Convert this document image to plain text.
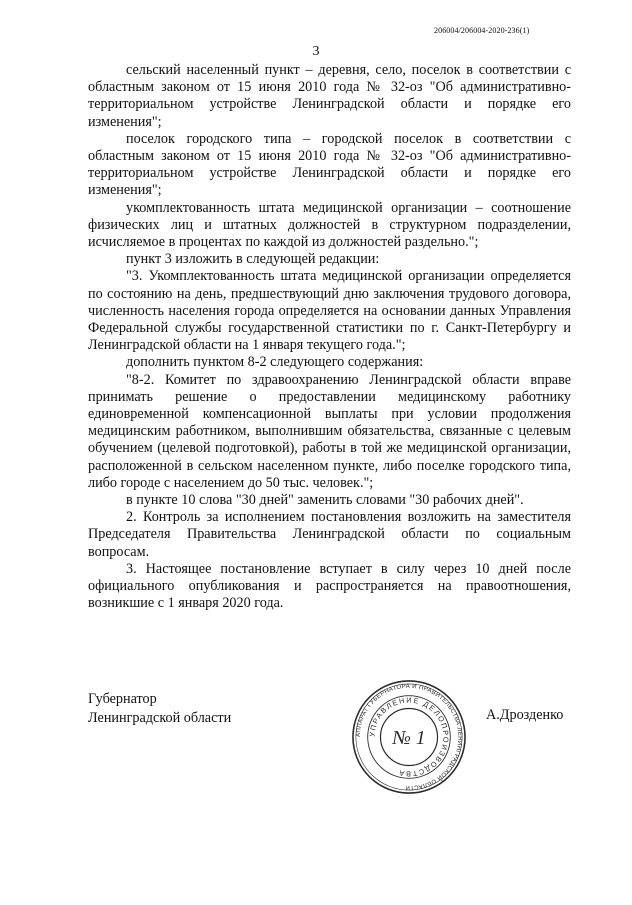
206004/206004-2020-236(1)
3

сельский населенный пункт – деревня, село, поселок в соответствии с областным законом от 15 июня 2010 года № 32-оз "Об административно-территориальном устройстве Ленинградской области и порядке его изменения";

поселок городского типа – городской поселок в соответствии с областным законом от 15 июня 2010 года № 32-оз "Об административно-территориальном устройстве Ленинградской области и порядке его изменения";

укомплектованность штата медицинской организации – соотношение физических лиц и штатных должностей в структурном подразделении, исчисляемое в процентах по каждой из должностей раздельно.";

пункт 3 изложить в следующей редакции:

"3. Укомплектованность штата медицинской организации определяется по состоянию на день, предшествующий дню заключения трудового договора, численность населения города определяется на основании данных Управления Федеральной службы государственной статистики по г. Санкт-Петербургу и Ленинградской области на 1 января текущего года.";

дополнить пунктом 8-2 следующего содержания:

"8-2. Комитет по здравоохранению Ленинградской области вправе принимать решение о предоставлении медицинскому работнику единовременной компенсационной выплаты при условии продолжения медицинским работником, выполнившим обязательства, связанные с целевым обучением (целевой подготовкой), работы в той же медицинской организации, расположенной в сельском населенном пункте, либо поселке городского типа, либо городе с населением до 50 тыс. человек.";

в пункте 10 слова "30 дней" заменить словами "30 рабочих дней".

2. Контроль за исполнением постановления возложить на заместителя Председателя Правительства Ленинградской области по социальным вопросам.

3. Настоящее постановление вступает в силу через 10 дней после официального опубликования и распространяется на правоотношения, возникшие с 1 января 2020 года.

Губернатор
Ленинградской области
АППАРАТ ГУБЕРНАТОРА И ПРАВИТЕЛЬСТВА ЛЕНИНГРАДСКОЙ ОБЛАСТИ
УПРАВЛЕНИЕ ДЕЛОПРОИЗВОДСТВА
№ 1
А.Дрозденко
